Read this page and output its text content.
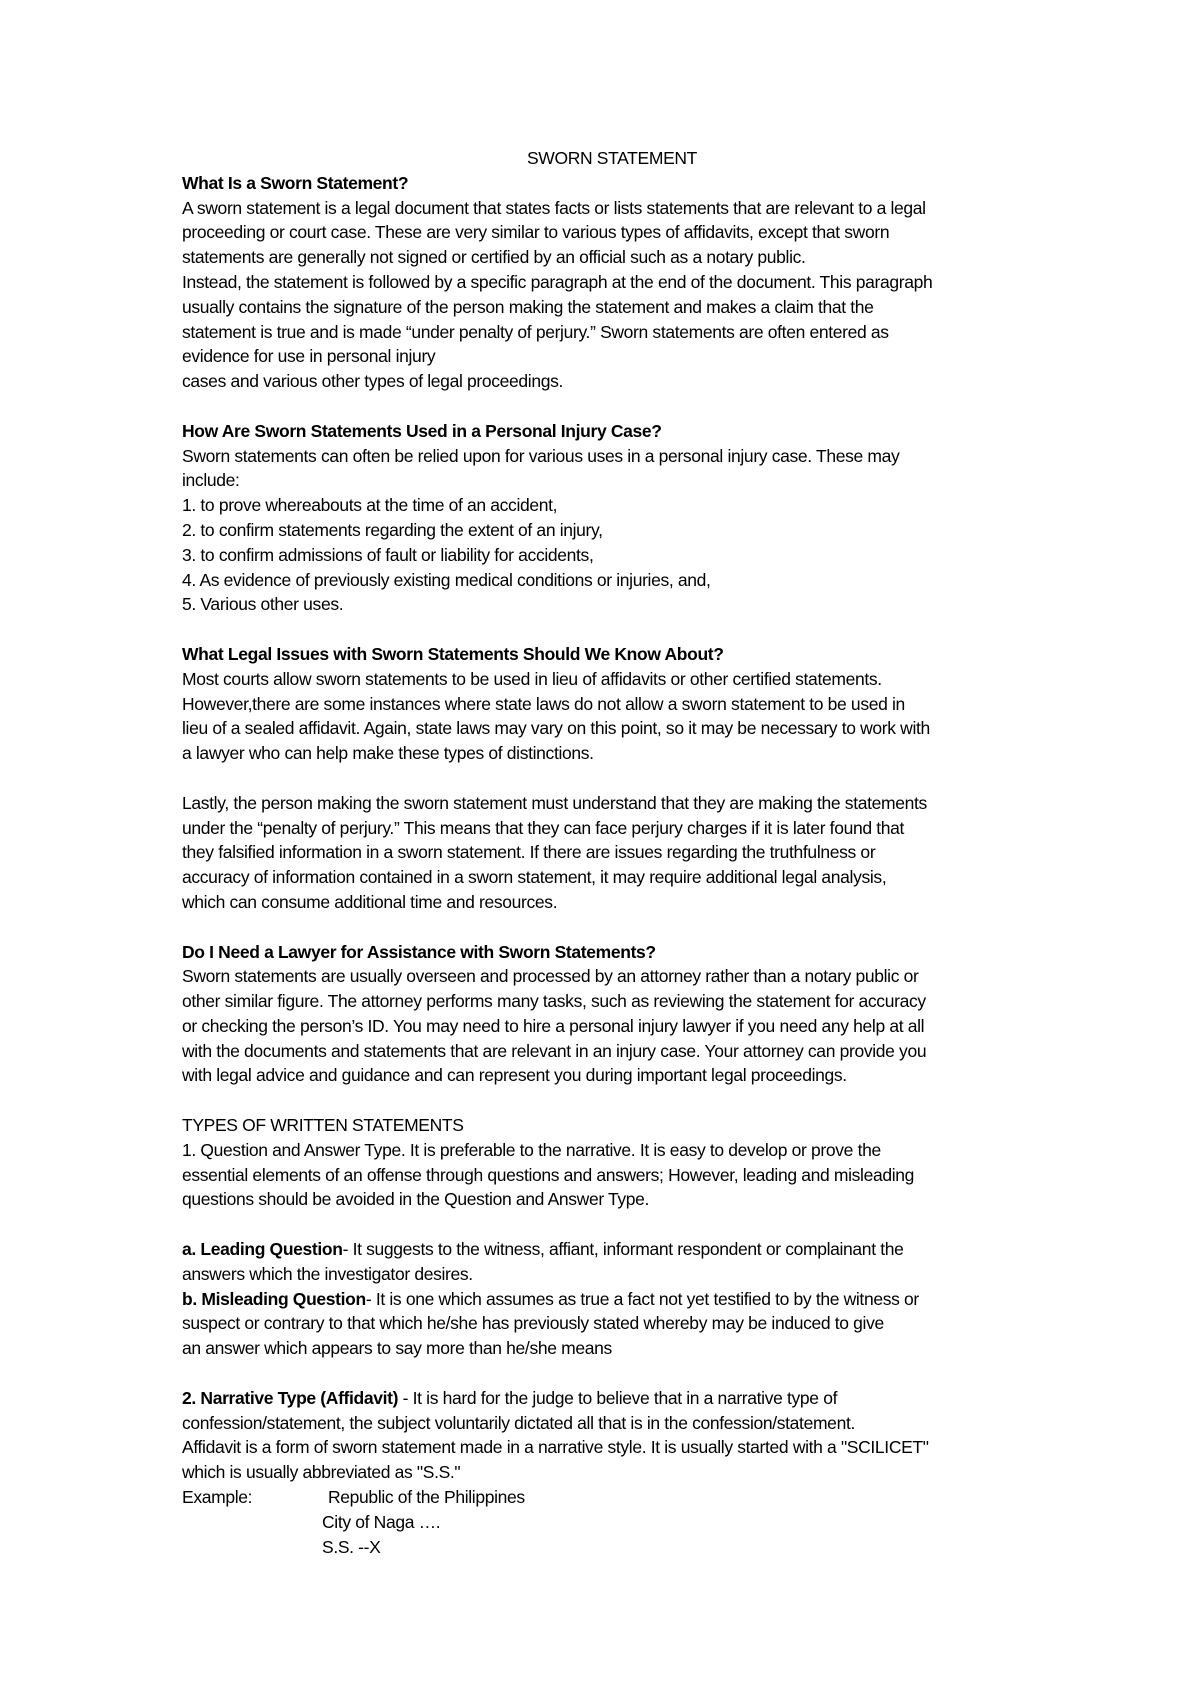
SWORN STATEMENT

What Is a Sworn Statement?

A sworn statement is a legal document that states facts or lists statements that are relevant to a legal

proceeding or court case. These are very similar to various types of affidavits, except that sworn

statements are generally not signed or certified by an official such as a notary public.

Instead, the statement is followed by a specific paragraph at the end of the document. This paragraph

usually contains the signature of the person making the statement and makes a claim that the

statement is true and is made “under penalty of perjury.” Sworn statements are often entered as

evidence for use in personal injury

cases and various other types of legal proceedings.

How Are Sworn Statements Used in a Personal Injury Case?

Sworn statements can often be relied upon for various uses in a personal injury case. These may

include:

1. to prove whereabouts at the time of an accident,

2. to confirm statements regarding the extent of an injury,

3. to confirm admissions of fault or liability for accidents,

4. As evidence of previously existing medical conditions or injuries, and,

5. Various other uses.

What Legal Issues with Sworn Statements Should We Know About?

Most courts allow sworn statements to be used in lieu of affidavits or other certified statements.

However,there are some instances where state laws do not allow a sworn statement to be used in

lieu of a sealed affidavit. Again, state laws may vary on this point, so it may be necessary to work with

a lawyer who can help make these types of distinctions.

Lastly, the person making the sworn statement must understand that they are making the statements

under the “penalty of perjury.” This means that they can face perjury charges if it is later found that

they falsified information in a sworn statement. If there are issues regarding the truthfulness or

accuracy of information contained in a sworn statement, it may require additional legal analysis,

which can consume additional time and resources.

Do I Need a Lawyer for Assistance with Sworn Statements?

Sworn statements are usually overseen and processed by an attorney rather than a notary public or

other similar figure. The attorney performs many tasks, such as reviewing the statement for accuracy

or checking the person’s ID. You may need to hire a personal injury lawyer if you need any help at all

with the documents and statements that are relevant in an injury case. Your attorney can provide you

with legal advice and guidance and can represent you during important legal proceedings.

TYPES OF WRITTEN STATEMENTS

1. Question and Answer Type. It is preferable to the narrative. It is easy to develop or prove the

essential elements of an offense through questions and answers; However, leading and misleading

questions should be avoided in the Question and Answer Type.

a. Leading Question- It suggests to the witness, affiant, informant respondent or complainant the

answers which the investigator desires.

b. Misleading Question- It is one which assumes as true a fact not yet testified to by the witness or

suspect or contrary to that which he/she has previously stated whereby may be induced to give

an answer which appears to say more than he/she means

2. Narrative Type (Affidavit) - It is hard for the judge to believe that in a narrative type of

confession/statement, the subject voluntarily dictated all that is in the confession/statement.

Affidavit is a form of sworn statement made in a narrative style. It is usually started with a "SCILICET"

which is usually abbreviated as "S.S."

Example:	Republic of the Philippines
City of Naga ….
S.S. --X
